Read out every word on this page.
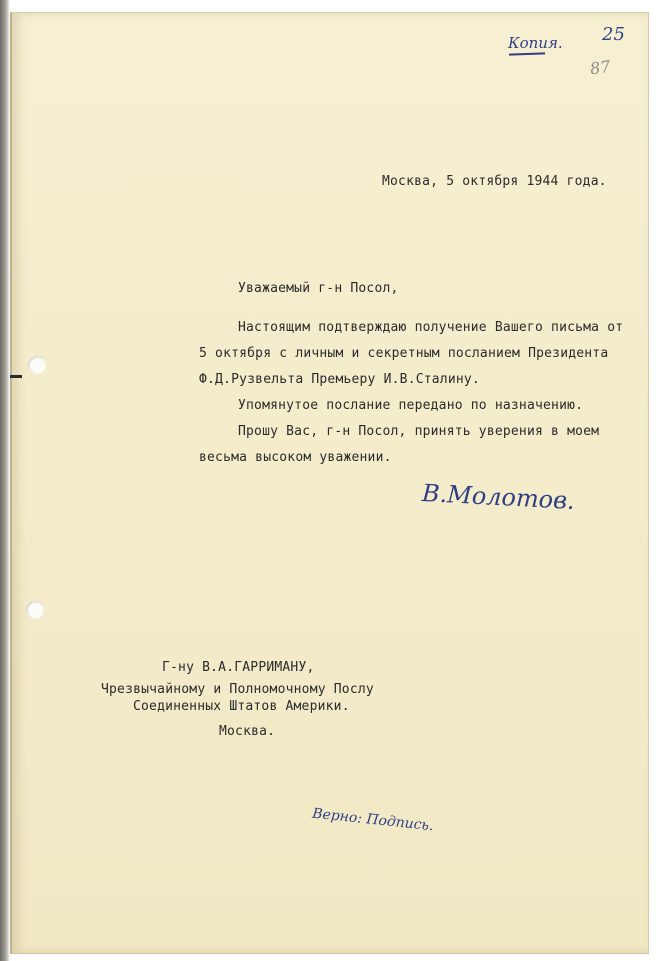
Копия. 25
87
Москва, 5 октября 1944 года.
Уважаемый г-н Посол,
Настоящим подтверждаю получение Вашего письма от
5 октября с личным и секретным посланием Президента
Ф.Д.Рузвельта Премьеру И.В.Сталину.
Упомянутое послание передано по назначению.
Прошу Вас, г-н Посол, принять уверения в моем
весьма высоком уважении.
В.Молотов.
Г-ну В.А.ГАРРИМАНУ,
Чрезвычайному и Полномочному Послу
Соединенных Штатов Америки.
Москва.
Верно: Подпись.
